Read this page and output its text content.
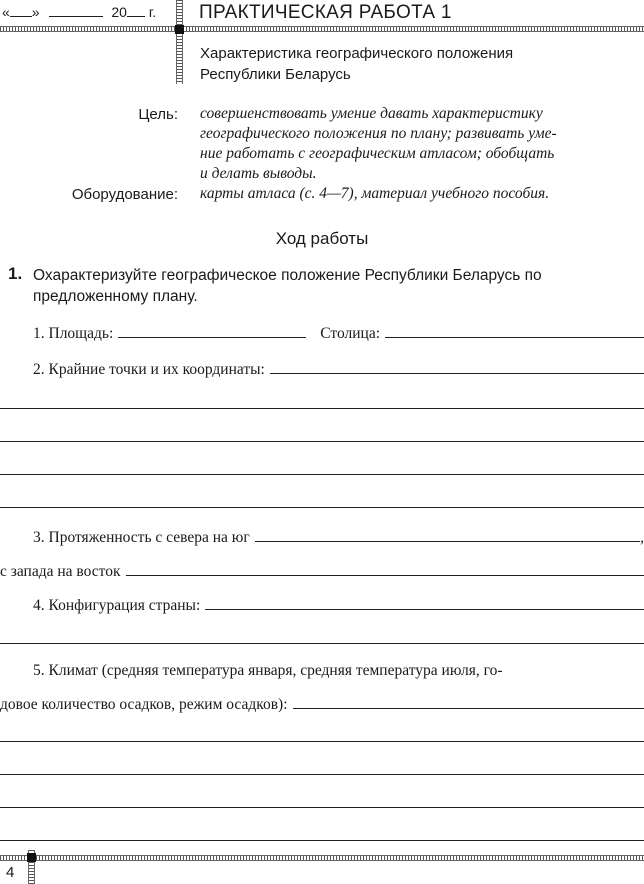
« »	20 г. ПРАКТИЧЕСКАЯ РАБОТА 1
Характеристика географического положения
Республики Беларусь
Цель: совершенствовать умение давать характеристику
географического положения по плану; развивать уме-
ние работать с географическим атласом; обобщать
и делать выводы.
Оборудование: карты атласа (с. 4—7), материал учебного пособия.
Ход работы
1. Охарактеризуйте географическое положение Республики Беларусь по предложенному плану.
1. Площадь:	Столица:
2. Крайние точки и их координаты:
3. Протяженность с севера на юг	,
с запада на восток
4. Конфигурация страны:
5. Климат (средняя температура января, средняя температура июля, го-
довое количество осадков, режим осадков):
4
